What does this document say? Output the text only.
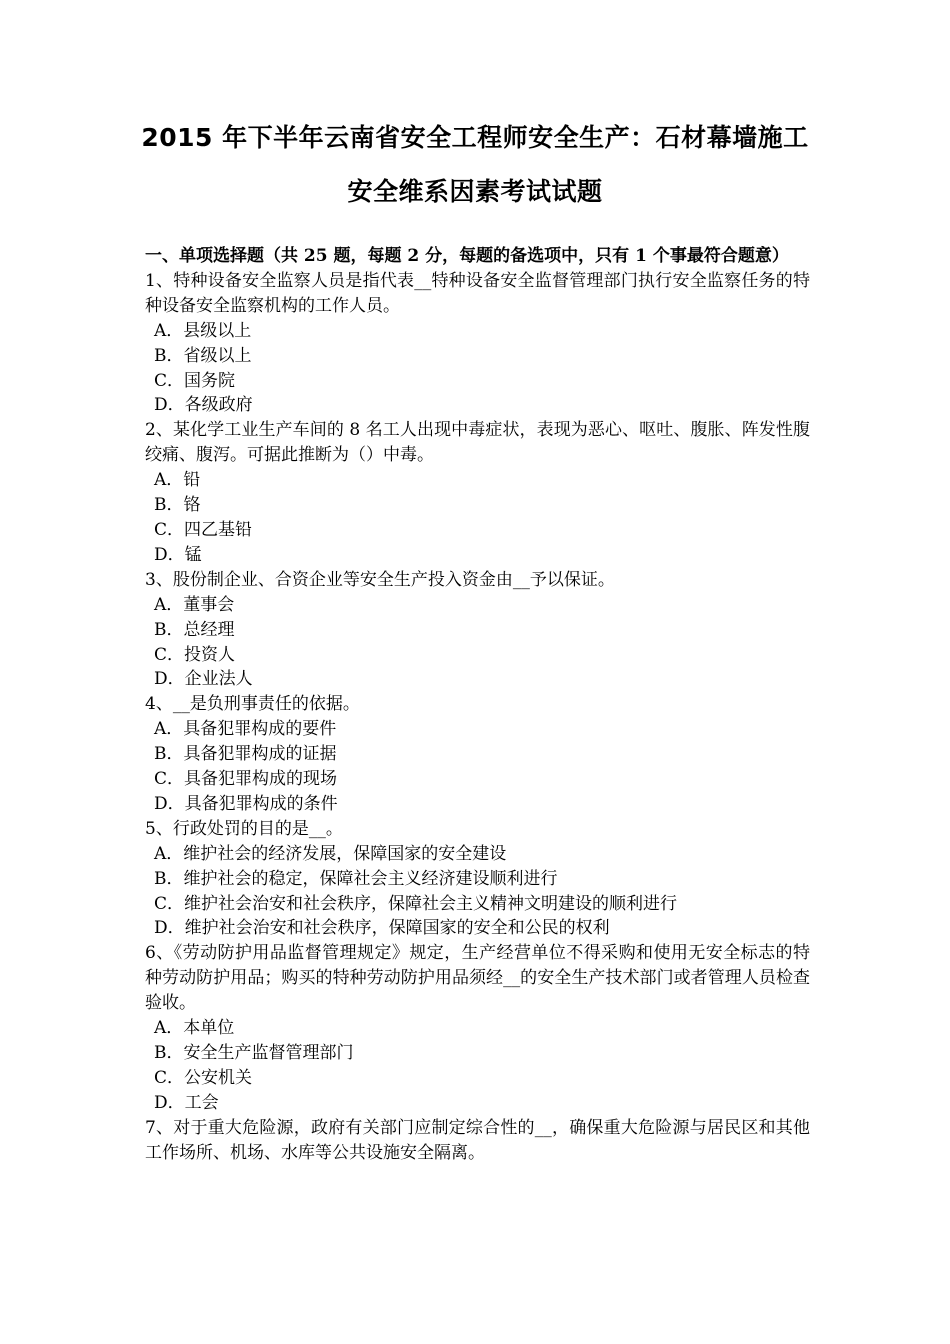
2015 年下半年云南省安全工程师安全生产：石材幕墙施工
安全维系因素考试试题
一、单项选择题（共 25 题，每题 2 分，每题的备选项中，只有 1 个事最符合题意）
1、特种设备安全监察人员是指代表__特种设备安全监督管理部门执行安全监察任务的特种设备安全监察机构的工作人员。
A．县级以上
B．省级以上
C．国务院
D．各级政府
2、某化学工业生产车间的 8 名工人出现中毒症状，表现为恶心、呕吐、腹胀、阵发性腹绞痛、腹泻。可据此推断为（）中毒。
A．铅
B．铬
C．四乙基铅
D．锰
3、股份制企业、合资企业等安全生产投入资金由__予以保证。
A．董事会
B．总经理
C．投资人
D．企业法人
4、__是负刑事责任的依据。
A．具备犯罪构成的要件
B．具备犯罪构成的证据
C．具备犯罪构成的现场
D．具备犯罪构成的条件
5、行政处罚的目的是__。
A．维护社会的经济发展，保障国家的安全建设
B．维护社会的稳定，保障社会主义经济建设顺利进行
C．维护社会治安和社会秩序，保障社会主义精神文明建设的顺利进行
D．维护社会治安和社会秩序，保障国家的安全和公民的权利
6、《劳动防护用品监督管理规定》规定，生产经营单位不得采购和使用无安全标志的特种劳动防护用品；购买的特种劳动防护用品须经__的安全生产技术部门或者管理人员检查验收。
A．本单位
B．安全生产监督管理部门
C．公安机关
D．工会
7、对于重大危险源，政府有关部门应制定综合性的__，确保重大危险源与居民区和其他工作场所、机场、水库等公共设施安全隔离。
